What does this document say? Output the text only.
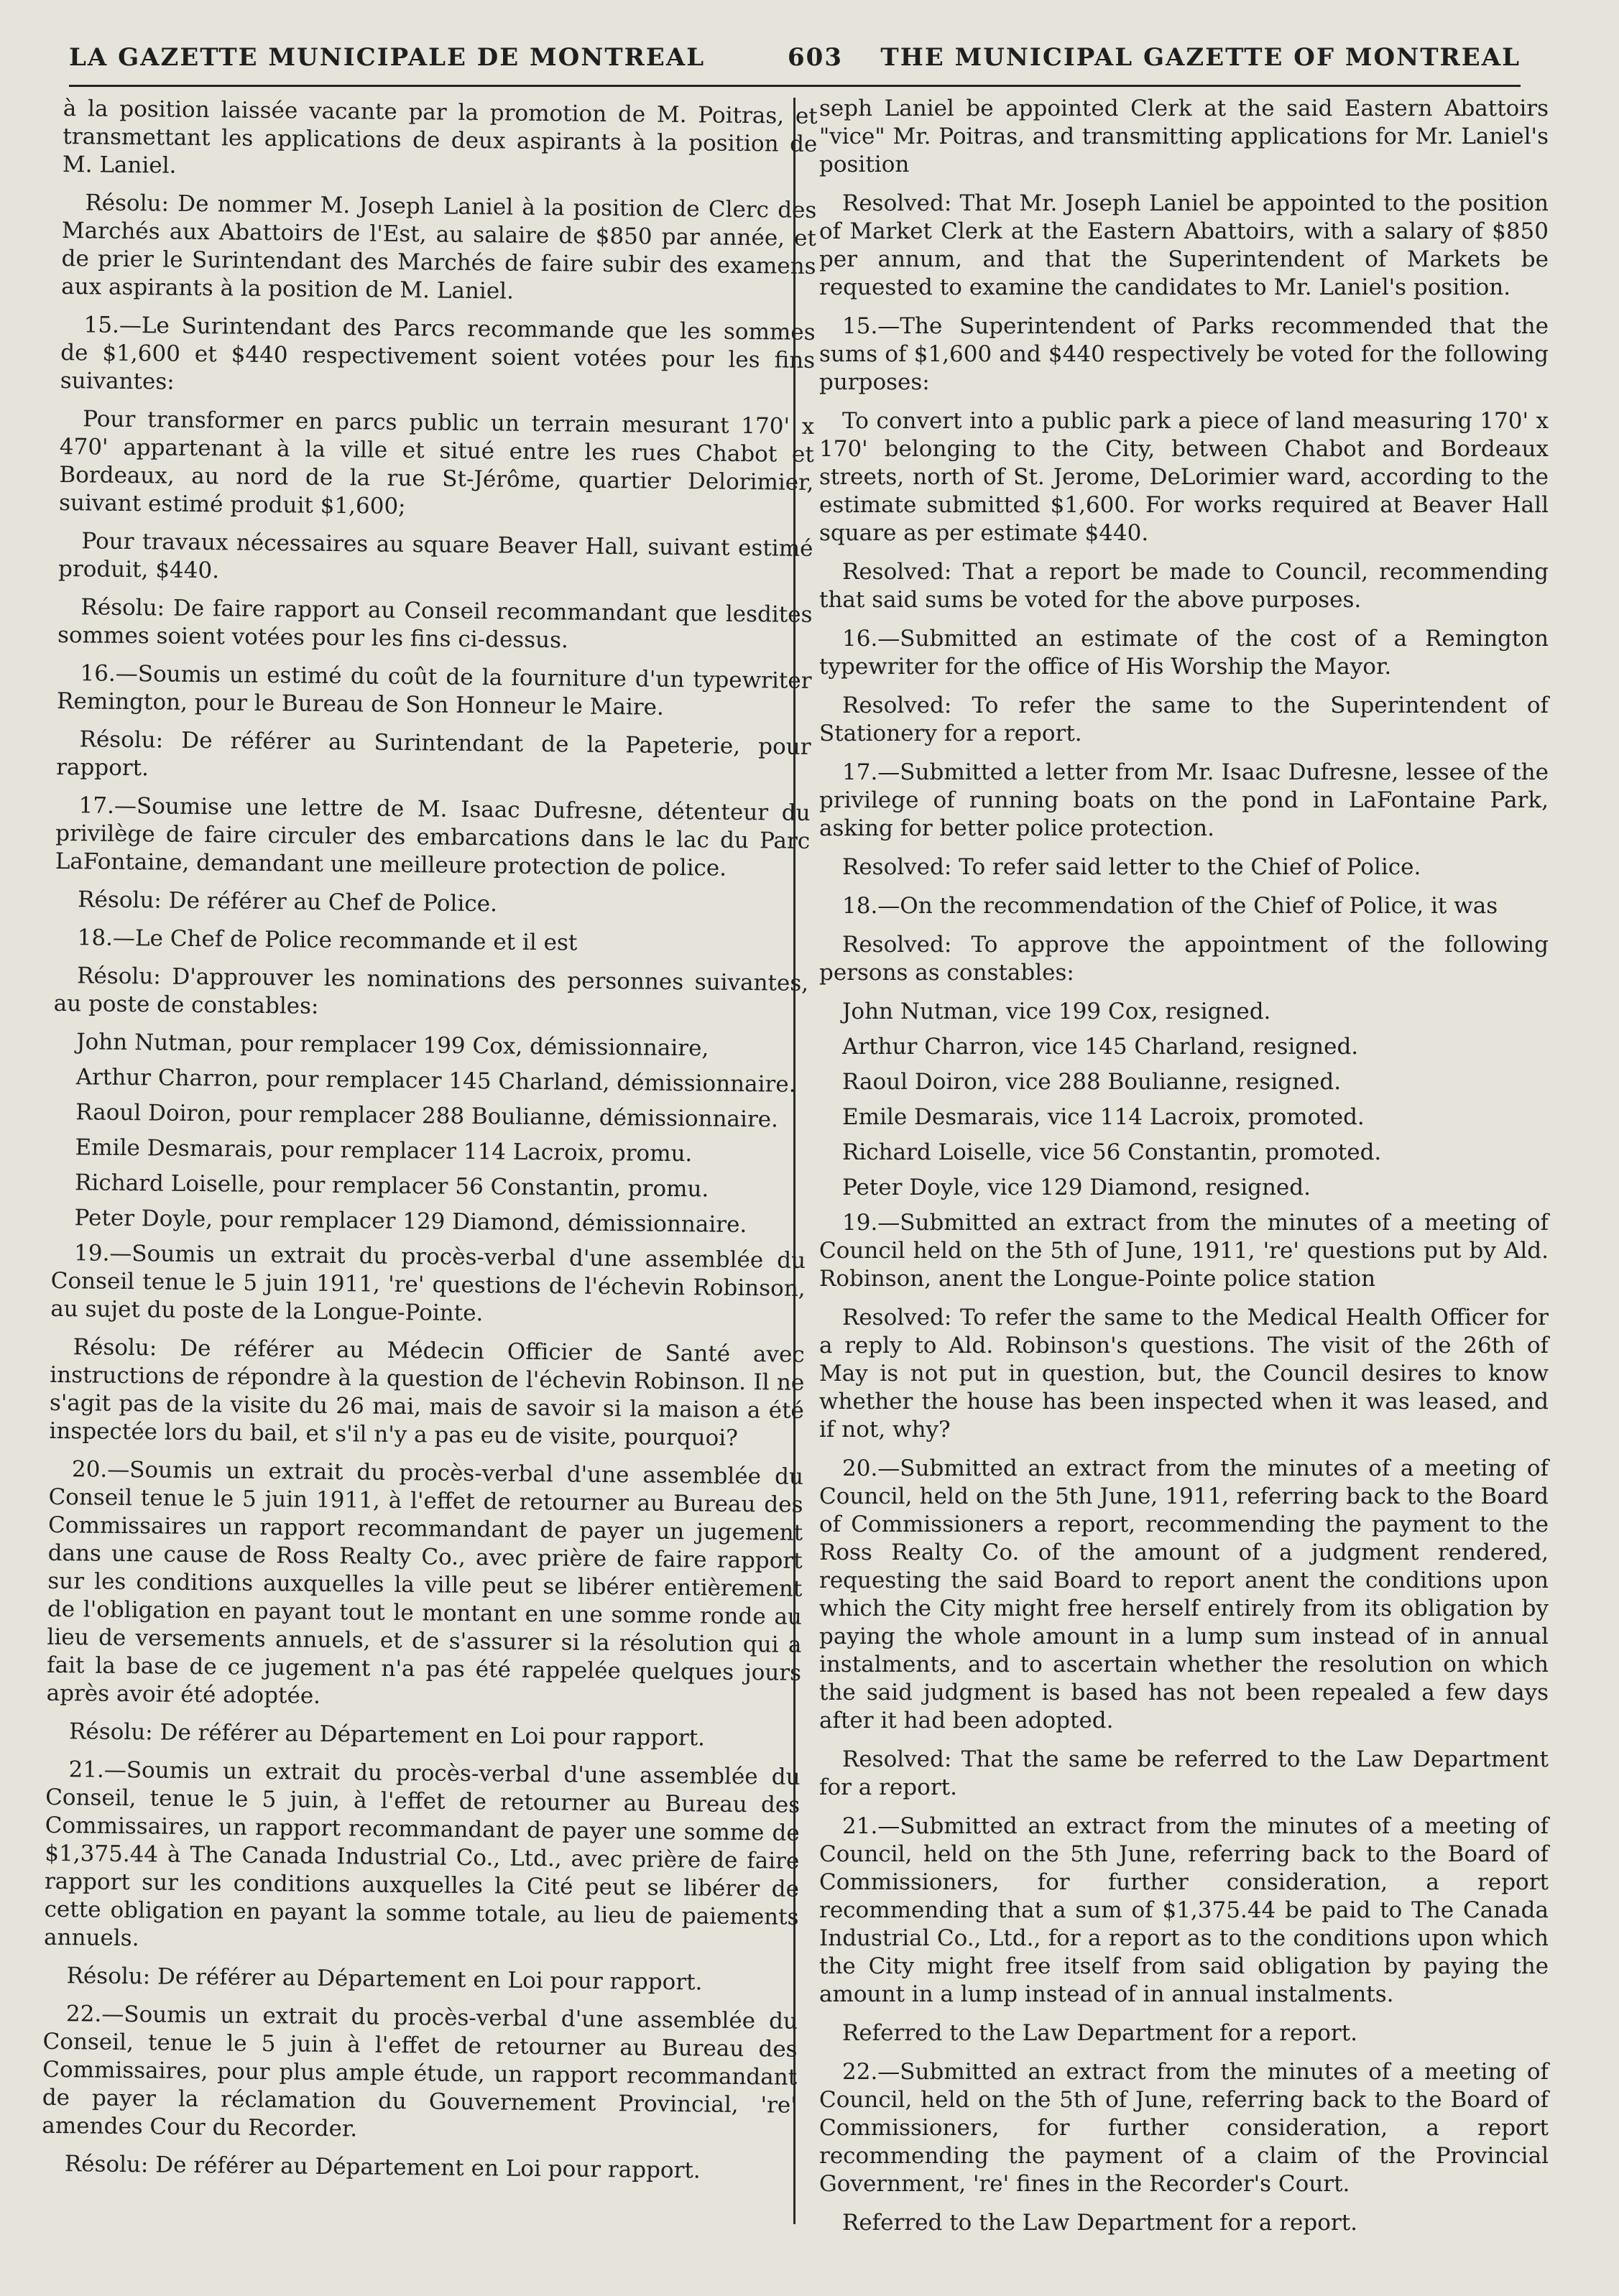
LA GAZETTE MUNICIPALE DE MONTREAL	603 THE MUNICIPAL GAZETTE OF MONTREAL

à la position laissée vacante par la promotion de M. Poitras, et transmettant les applications de deux aspirants à la position de M. Laniel.

Résolu: De nommer M. Joseph Laniel à la position de Clerc des Marchés aux Abattoirs de l'Est, au salaire de $850 par année, et de prier le Surintendant des Marchés de faire subir des examens aux aspirants à la position de M. Laniel.

15.—Le Surintendant des Parcs recommande que les sommes de $1,600 et $440 respectivement soient votées pour les fins suivantes:

Pour transformer en parcs public un terrain mesurant 170' x 470' appartenant à la ville et situé entre les rues Chabot et Bordeaux, au nord de la rue St-Jérôme, quartier Delorimier, suivant estimé produit $1,600;

Pour travaux nécessaires au square Beaver Hall, suivant estimé produit, $440.

Résolu: De faire rapport au Conseil recommandant que lesdites sommes soient votées pour les fins ci-dessus.

16.—Soumis un estimé du coût de la fourniture d'un typewriter Remington, pour le Bureau de Son Honneur le Maire.

Résolu: De référer au Surintendant de la Papeterie, pour rapport.

17.—Soumise une lettre de M. Isaac Dufresne, détenteur du privilège de faire circuler des embarcations dans le lac du Parc LaFontaine, demandant une meilleure protection de police.

Résolu: De référer au Chef de Police.

18.—Le Chef de Police recommande et il est

Résolu: D'approuver les nominations des personnes suivantes, au poste de constables:

John Nutman, pour remplacer 199 Cox, démissionnaire,

Arthur Charron, pour remplacer 145 Charland, démissionnaire.

Raoul Doiron, pour remplacer 288 Boulianne, démissionnaire.

Emile Desmarais, pour remplacer 114 Lacroix, promu.

Richard Loiselle, pour remplacer 56 Constantin, promu.

Peter Doyle, pour remplacer 129 Diamond, démissionnaire.

19.—Soumis un extrait du procès-verbal d'une assemblée du Conseil tenue le 5 juin 1911, 're' questions de l'échevin Robinson, au sujet du poste de la Longue-Pointe.

Résolu: De référer au Médecin Officier de Santé avec instructions de répondre à la question de l'échevin Robinson. Il ne s'agit pas de la visite du 26 mai, mais de savoir si la maison a été inspectée lors du bail, et s'il n'y a pas eu de visite, pourquoi?

20.—Soumis un extrait du procès-verbal d'une assemblée du Conseil tenue le 5 juin 1911, à l'effet de retourner au Bureau des Commissaires un rapport recommandant de payer un jugement dans une cause de Ross Realty Co., avec prière de faire rapport sur les conditions auxquelles la ville peut se libérer entièrement de l'obligation en payant tout le montant en une somme ronde au lieu de versements annuels, et de s'assurer si la résolution qui a fait la base de ce jugement n'a pas été rappelée quelques jours après avoir été adoptée.

Résolu: De référer au Département en Loi pour rapport.

21.—Soumis un extrait du procès-verbal d'une assemblée du Conseil, tenue le 5 juin, à l'effet de retourner au Bureau des Commissaires, un rapport recommandant de payer une somme de $1,375.44 à The Canada Industrial Co., Ltd., avec prière de faire rapport sur les conditions auxquelles la Cité peut se libérer de cette obligation en payant la somme totale, au lieu de paiements annuels.

Résolu: De référer au Département en Loi pour rapport.

22.—Soumis un extrait du procès-verbal d'une assemblée du Conseil, tenue le 5 juin à l'effet de retourner au Bureau des Commissaires, pour plus ample étude, un rapport recommandant de payer la réclamation du Gouvernement Provincial, 're' amendes Cour du Recorder.

Résolu: De référer au Département en Loi pour rapport.

seph Laniel be appointed Clerk at the said Eastern Abattoirs "vice" Mr. Poitras, and transmitting applications for Mr. Laniel's position

Resolved: That Mr. Joseph Laniel be appointed to the position of Market Clerk at the Eastern Abattoirs, with a salary of $850 per annum, and that the Superintendent of Markets be requested to examine the candidates to Mr. Laniel's position.

15.—The Superintendent of Parks recommended that the sums of $1,600 and $440 respectively be voted for the following purposes:

To convert into a public park a piece of land measuring 170' x 170' belonging to the City, between Chabot and Bordeaux streets, north of St. Jerome, DeLorimier ward, according to the estimate submitted $1,600. For works required at Beaver Hall square as per estimate $440.

Resolved: That a report be made to Council, recommending that said sums be voted for the above purposes.

16.—Submitted an estimate of the cost of a Remington typewriter for the office of His Worship the Mayor.

Resolved: To refer the same to the Superintendent of Stationery for a report.

17.—Submitted a letter from Mr. Isaac Dufresne, lessee of the privilege of running boats on the pond in LaFontaine Park, asking for better police protection.

Resolved: To refer said letter to the Chief of Police.

18.—On the recommendation of the Chief of Police, it was

Resolved: To approve the appointment of the following persons as constables:

John Nutman, vice 199 Cox, resigned.

Arthur Charron, vice 145 Charland, resigned.

Raoul Doiron, vice 288 Boulianne, resigned.

Emile Desmarais, vice 114 Lacroix, promoted.

Richard Loiselle, vice 56 Constantin, promoted.

Peter Doyle, vice 129 Diamond, resigned.

19.—Submitted an extract from the minutes of a meeting of Council held on the 5th of June, 1911, 're' questions put by Ald. Robinson, anent the Longue-Pointe police station

Resolved: To refer the same to the Medical Health Officer for a reply to Ald. Robinson's questions. The visit of the 26th of May is not put in question, but, the Council desires to know whether the house has been inspected when it was leased, and if not, why?

20.—Submitted an extract from the minutes of a meeting of Council, held on the 5th June, 1911, referring back to the Board of Commissioners a report, recommending the payment to the Ross Realty Co. of the amount of a judgment rendered, requesting the said Board to report anent the conditions upon which the City might free herself entirely from its obligation by paying the whole amount in a lump sum instead of in annual instalments, and to ascertain whether the resolution on which the said judgment is based has not been repealed a few days after it had been adopted.

Resolved: That the same be referred to the Law Department for a report.

21.—Submitted an extract from the minutes of a meeting of Council, held on the 5th June, referring back to the Board of Commissioners, for further consideration, a report recommending that a sum of $1,375.44 be paid to The Canada Industrial Co., Ltd., for a report as to the conditions upon which the City might free itself from said obligation by paying the amount in a lump instead of in annual instalments.

Referred to the Law Department for a report.

22.—Submitted an extract from the minutes of a meeting of Council, held on the 5th of June, referring back to the Board of Commissioners, for further consideration, a report recommending the payment of a claim of the Provincial Government, 're' fines in the Recorder's Court.

Referred to the Law Department for a report.
